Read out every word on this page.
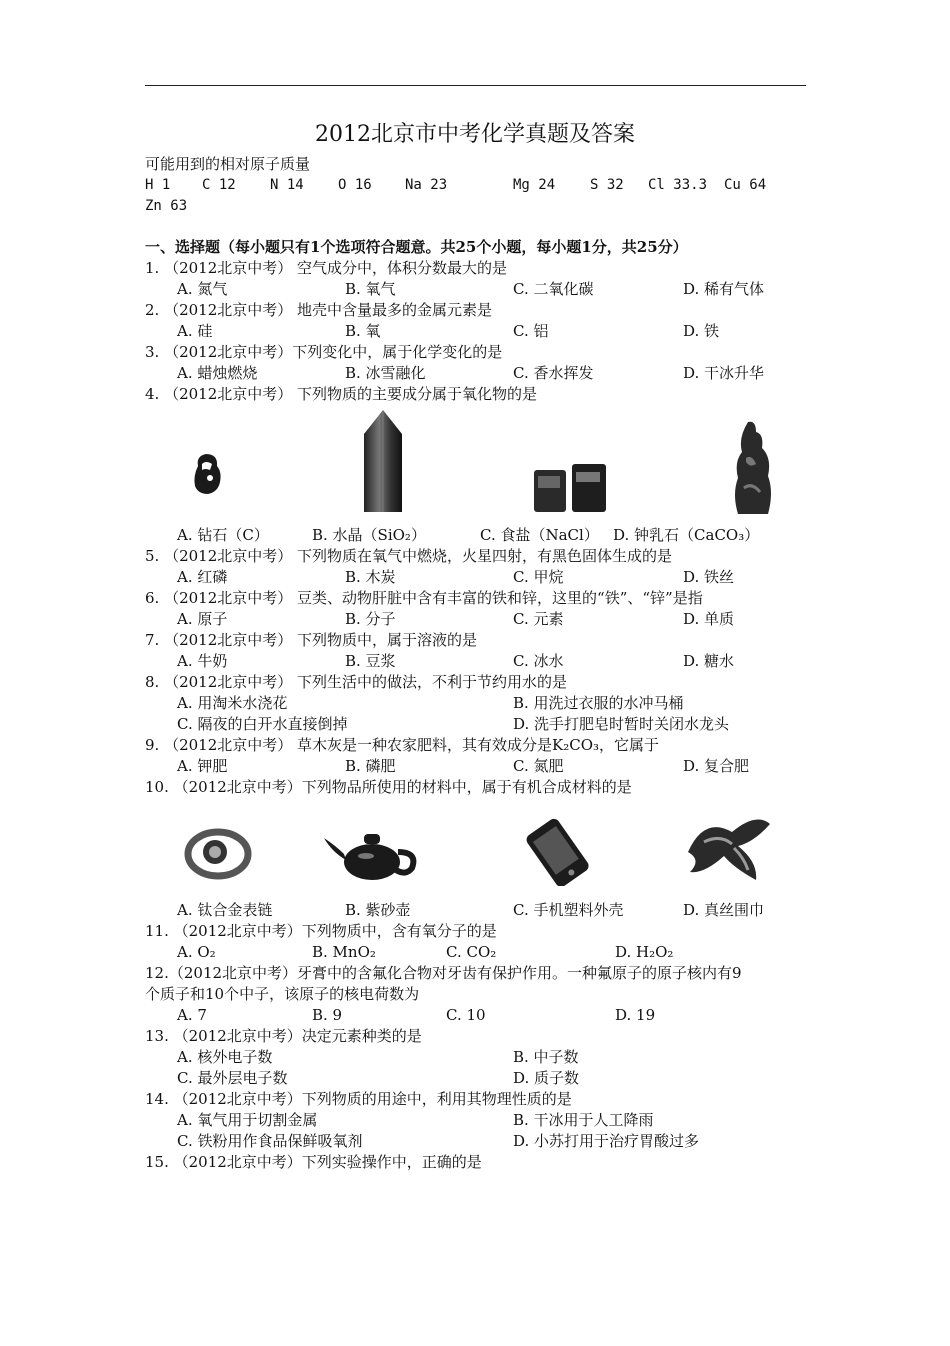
2012北京市中考化学真题及答案
可能用到的相对原子质量
H 1 C 12 N 14 O 16 Na 23	Mg 24 S 32 Cl 33.3 Cu 64
Zn 63
一、选择题（每小题只有1个选项符合题意。共25个小题，每小题1分，共25分）
1. （2012北京中考） 空气成分中，体积分数最大的是
A. 氮气	B. 氧气	C. 二氧化碳	D. 稀有气体
2. （2012北京中考） 地壳中含量最多的金属元素是
A. 硅	B. 氧	C. 铝	D. 铁
3. （2012北京中考）下列变化中，属于化学变化的是
A. 蜡烛燃烧	B. 冰雪融化	C. 香水挥发	D. 干冰升华
4. （2012北京中考） 下列物质的主要成分属于氧化物的是
A. 钻石（C）	B. 水晶（SiO₂）	C. 食盐（NaCl） D. 钟乳石（CaCO₃）
5. （2012北京中考） 下列物质在氧气中燃烧，火星四射，有黑色固体生成的是
A. 红磷	B. 木炭	C. 甲烷	D. 铁丝
6. （2012北京中考） 豆类、动物肝脏中含有丰富的铁和锌，这里的“铁”、“锌”是指
A. 原子	B. 分子	C. 元素	D. 单质
7. （2012北京中考） 下列物质中，属于溶液的是
A. 牛奶	B. 豆浆	C. 冰水	D. 糖水
8. （2012北京中考） 下列生活中的做法，不利于节约用水的是
A. 用淘米水浇花	B. 用洗过衣服的水冲马桶
C. 隔夜的白开水直接倒掉	D. 洗手打肥皂时暂时关闭水龙头
9. （2012北京中考） 草木灰是一种农家肥料，其有效成分是K₂CO₃，它属于
A. 钾肥	B. 磷肥	C. 氮肥	D. 复合肥
10. （2012北京中考）下列物品所使用的材料中，属于有机合成材料的是
A. 钛合金表链	B. 紫砂壶	C. 手机塑料外壳	D. 真丝围巾
11. （2012北京中考）下列物质中，含有氧分子的是
A. O₂	B. MnO₂	C. CO₂	D. H₂O₂
12.（2012北京中考）牙膏中的含氟化合物对牙齿有保护作用。一种氟原子的原子核内有9
个质子和10个中子，该原子的核电荷数为
A. 7	B. 9	C. 10	D. 19
13. （2012北京中考）决定元素种类的是
A. 核外电子数	B. 中子数
C. 最外层电子数	D. 质子数
14. （2012北京中考）下列物质的用途中，利用其物理性质的是
A. 氧气用于切割金属	B. 干冰用于人工降雨
C. 铁粉用作食品保鲜吸氧剂	D. 小苏打用于治疗胃酸过多
15. （2012北京中考）下列实验操作中，正确的是
